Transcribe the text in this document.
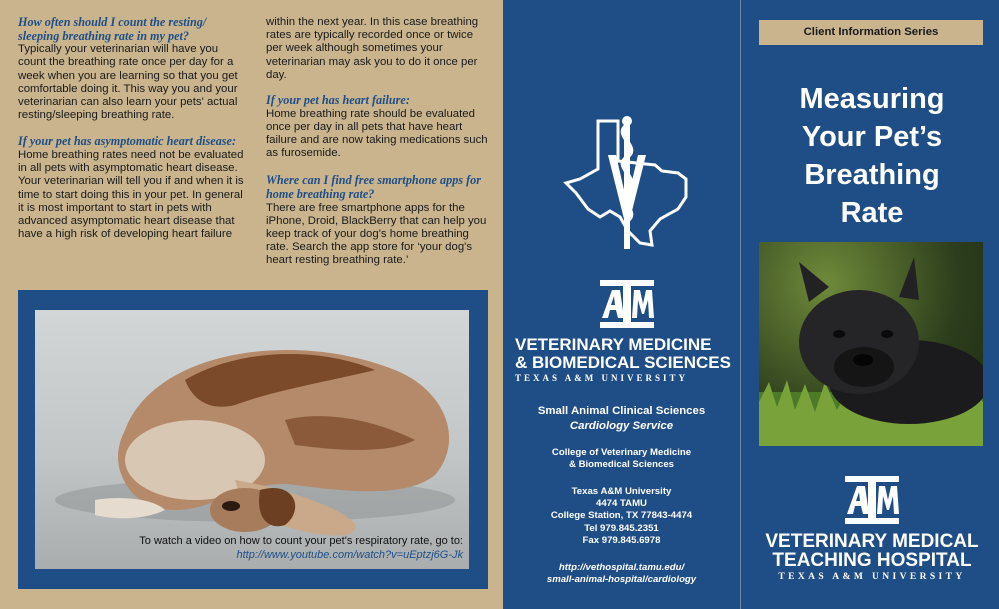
How often should I count the resting/ sleeping breathing rate in my pet?

Typically your veterinarian will have you count the breathing rate once per day for a week when you are learning so that you get comfortable doing it. This way you and your veterinarian can also learn your pets' actual resting/sleeping breathing rate.

If your pet has asymptomatic heart disease:

Home breathing rates need not be evaluated in all pets with asymptomatic heart disease. Your veterinarian will tell you if and when it is time to start doing this in your pet. In general it is most important to start in pets with advanced asymptomatic heart disease that have a high risk of developing heart failure

within the next year. In this case breathing rates are typically recorded once or twice per week although sometimes your veterinarian may ask you to do it once per day.

If your pet has heart failure:

Home breathing rate should be evaluated once per day in all pets that have heart failure and are now taking medications such as furosemide.

Where can I find free smartphone apps for home breathing rate?

There are free smartphone apps for the iPhone, Droid, BlackBerry that can help you keep track of your dog's home breathing rate. Search the app store for ‘your dog's heart resting breathing rate.’

To watch a video on how to count your pet's respiratory rate, go to:
http://www.youtube.com/watch?v=uEptzj6G-Jk
VETERINARY MEDICINE
& BIOMEDICAL SCIENCES
TEXAS A&M UNIVERSITY
Small Animal Clinical Sciences
Cardiology Service
College of Veterinary Medicine
& Biomedical Sciences
Texas A&M University
4474 TAMU
College Station, TX 77843-4474
Tel 979.845.2351
Fax 979.845.6978
http://vethospital.tamu.edu/
small-animal-hospital/cardiology
Client Information Series
Measuring
Your Pet’s
Breathing
Rate
VETERINARY MEDICAL
TEACHING HOSPITAL
TEXAS A&M UNIVERSITY
